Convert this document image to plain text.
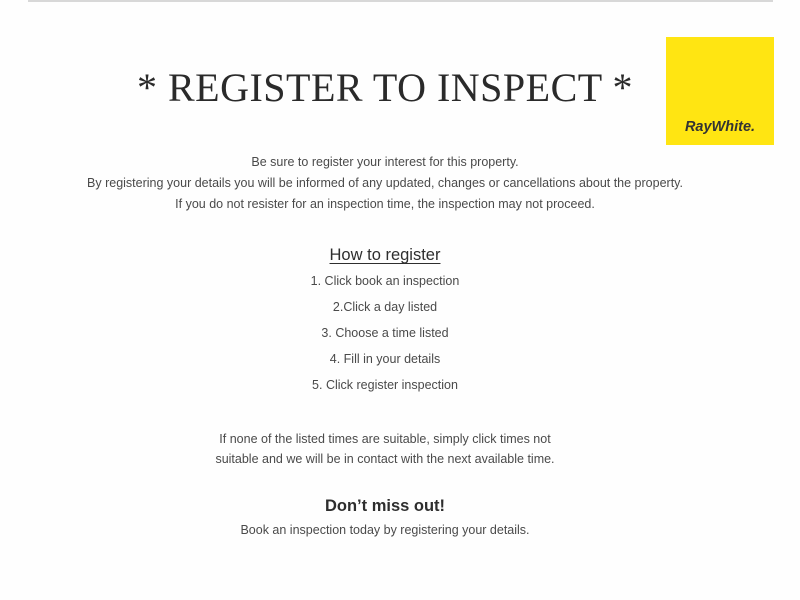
* REGISTER TO INSPECT *
RayWhite.
Be sure to register your interest for this property.
By registering your details you will be informed of any updated, changes or cancellations about the property.
If you do not resister for an inspection time, the inspection may not proceed.
How to register
1. Click book an inspection
2.Click a day listed
3. Choose a time listed
4. Fill in your details
5. Click register inspection
If none of the listed times are suitable, simply click times not
suitable and we will be in contact with the next available time.
Don’t miss out!
Book an inspection today by registering your details.
